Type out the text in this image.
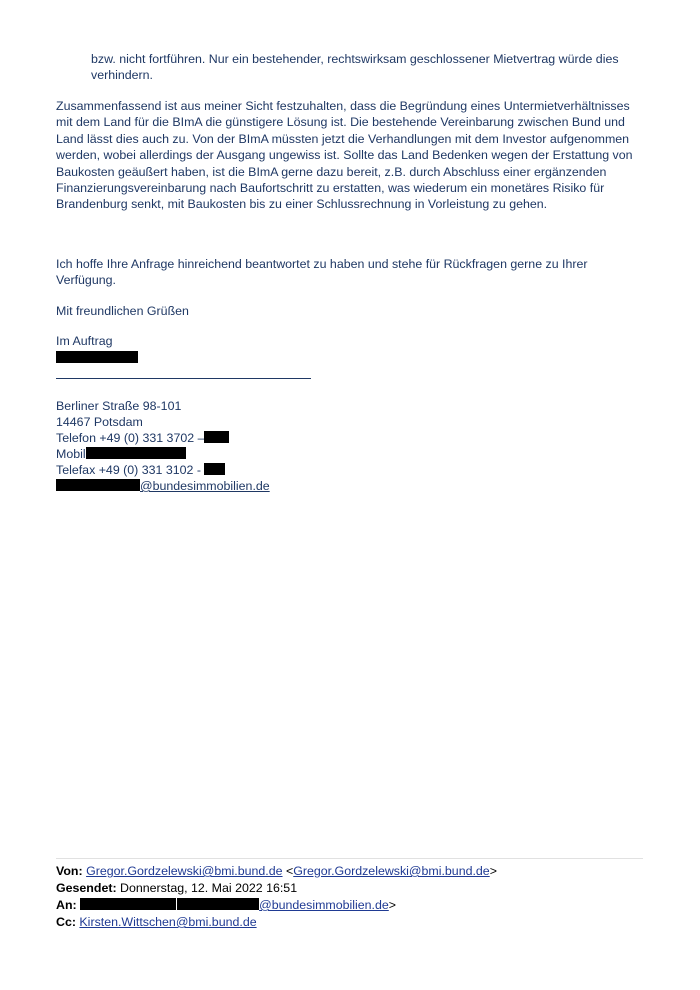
bzw. nicht fortführen. Nur ein bestehender, rechtswirksam geschlossener Mietvertrag würde dies verhindern.

Zusammenfassend ist aus meiner Sicht festzuhalten, dass die Begründung eines Untermietverhältnisses mit dem Land für die BImA die günstigere Lösung ist. Die bestehende Vereinbarung zwischen Bund und Land lässt dies auch zu. Von der BImA müssten jetzt die Verhandlungen mit dem Investor aufgenommen werden, wobei allerdings der Ausgang ungewiss ist. Sollte das Land Bedenken wegen der Erstattung von Baukosten geäußert haben, ist die BImA gerne dazu bereit, z.B. durch Abschluss einer ergänzenden Finanzierungsvereinbarung nach Baufortschritt zu erstatten, was wiederum ein monetäres Risiko für Brandenburg senkt, mit Baukosten bis zu einer Schlussrechnung in Vorleistung zu gehen.

Ich hoffe Ihre Anfrage hinreichend beantwortet zu haben und stehe für Rückfragen gerne zu Ihrer Verfügung.

Mit freundlichen Grüßen

Im Auftrag

Berliner Straße 98-101

14467 Potsdam

Telefon +49 (0) 331 3702 –

Mobil

Telefax +49 (0) 331 3102 -

@bundesimmobilien.de

Von: Gregor.Gordzelewski@bmi.bund.de <Gregor.Gordzelewski@bmi.bund.de>
Gesendet: Donnerstag, 12. Mai 2022 16:51
An:	@bundesimmobilien.de>
Cc: Kirsten.Wittschen@bmi.bund.de
